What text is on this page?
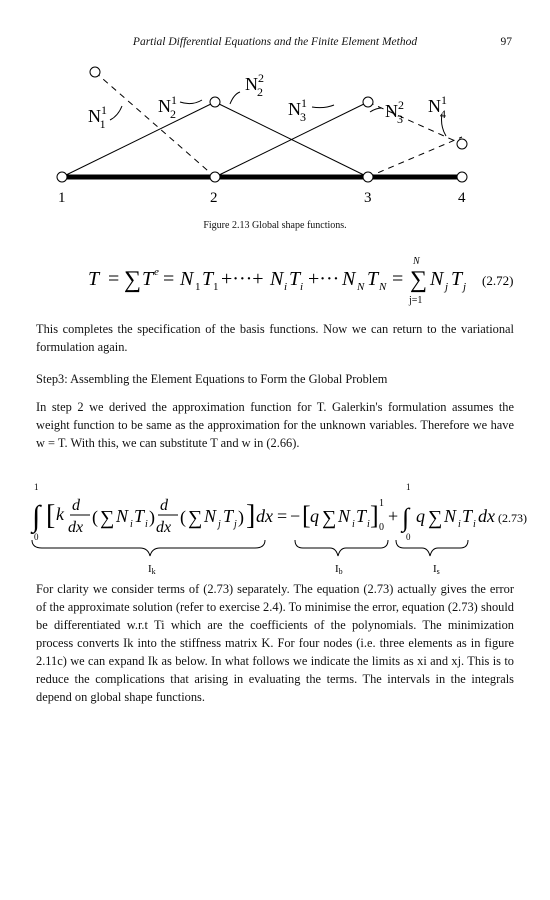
Partial Differential Equations and the Finite Element Method	97
$N^1$ 1
$N^1$ 2
$N^2$ 2
$N^1$ 3	$N^2$ 3
$N^1$ 4
1	2	3	4
Figure 2.13 Global shape functions.
T = ∑ T e = N 1 T 1 +···+ N i T i +··· N N T N = ∑
N
j=1
N j T j (2.72)
This completes the specification of the basis functions. Now we can return to the variational formulation again.
Step3: Assembling the Element Equations to Form the Global Problem
In step 2 we derived the approximation function for T. Galerkin's formulation assumes the weight function to be same as the approximation for the unknown variables. Therefore we have w = T. With this, we can substitute T and w in (2.66).
∫
1
0
[ k d
dx
( ∑ N i T i )
d
dx
( ∑ N j T j ) ] dx = − [ q ∑ N i T i ] 1
0
+ ∫
1
0
q ∑ N i T i dx (2.73)
Ik	Ib	Is
For clarity we consider terms of (2.73) separately. The equation (2.73) actually gives the error of the approximate solution (refer to exercise 2.4). To minimise the error, equation (2.73) should be differentiated w.r.t Ti which are the coefficients of the polynomials. The minimization process converts Ik into the stiffness matrix K. For four nodes (i.e. three elements as in figure 2.11c) we can expand Ik as below. In what follows we indicate the limits as xi and xj. This is to reduce the complications that arising in evaluating the terms. The intervals in the integrals depend on global shape functions.
